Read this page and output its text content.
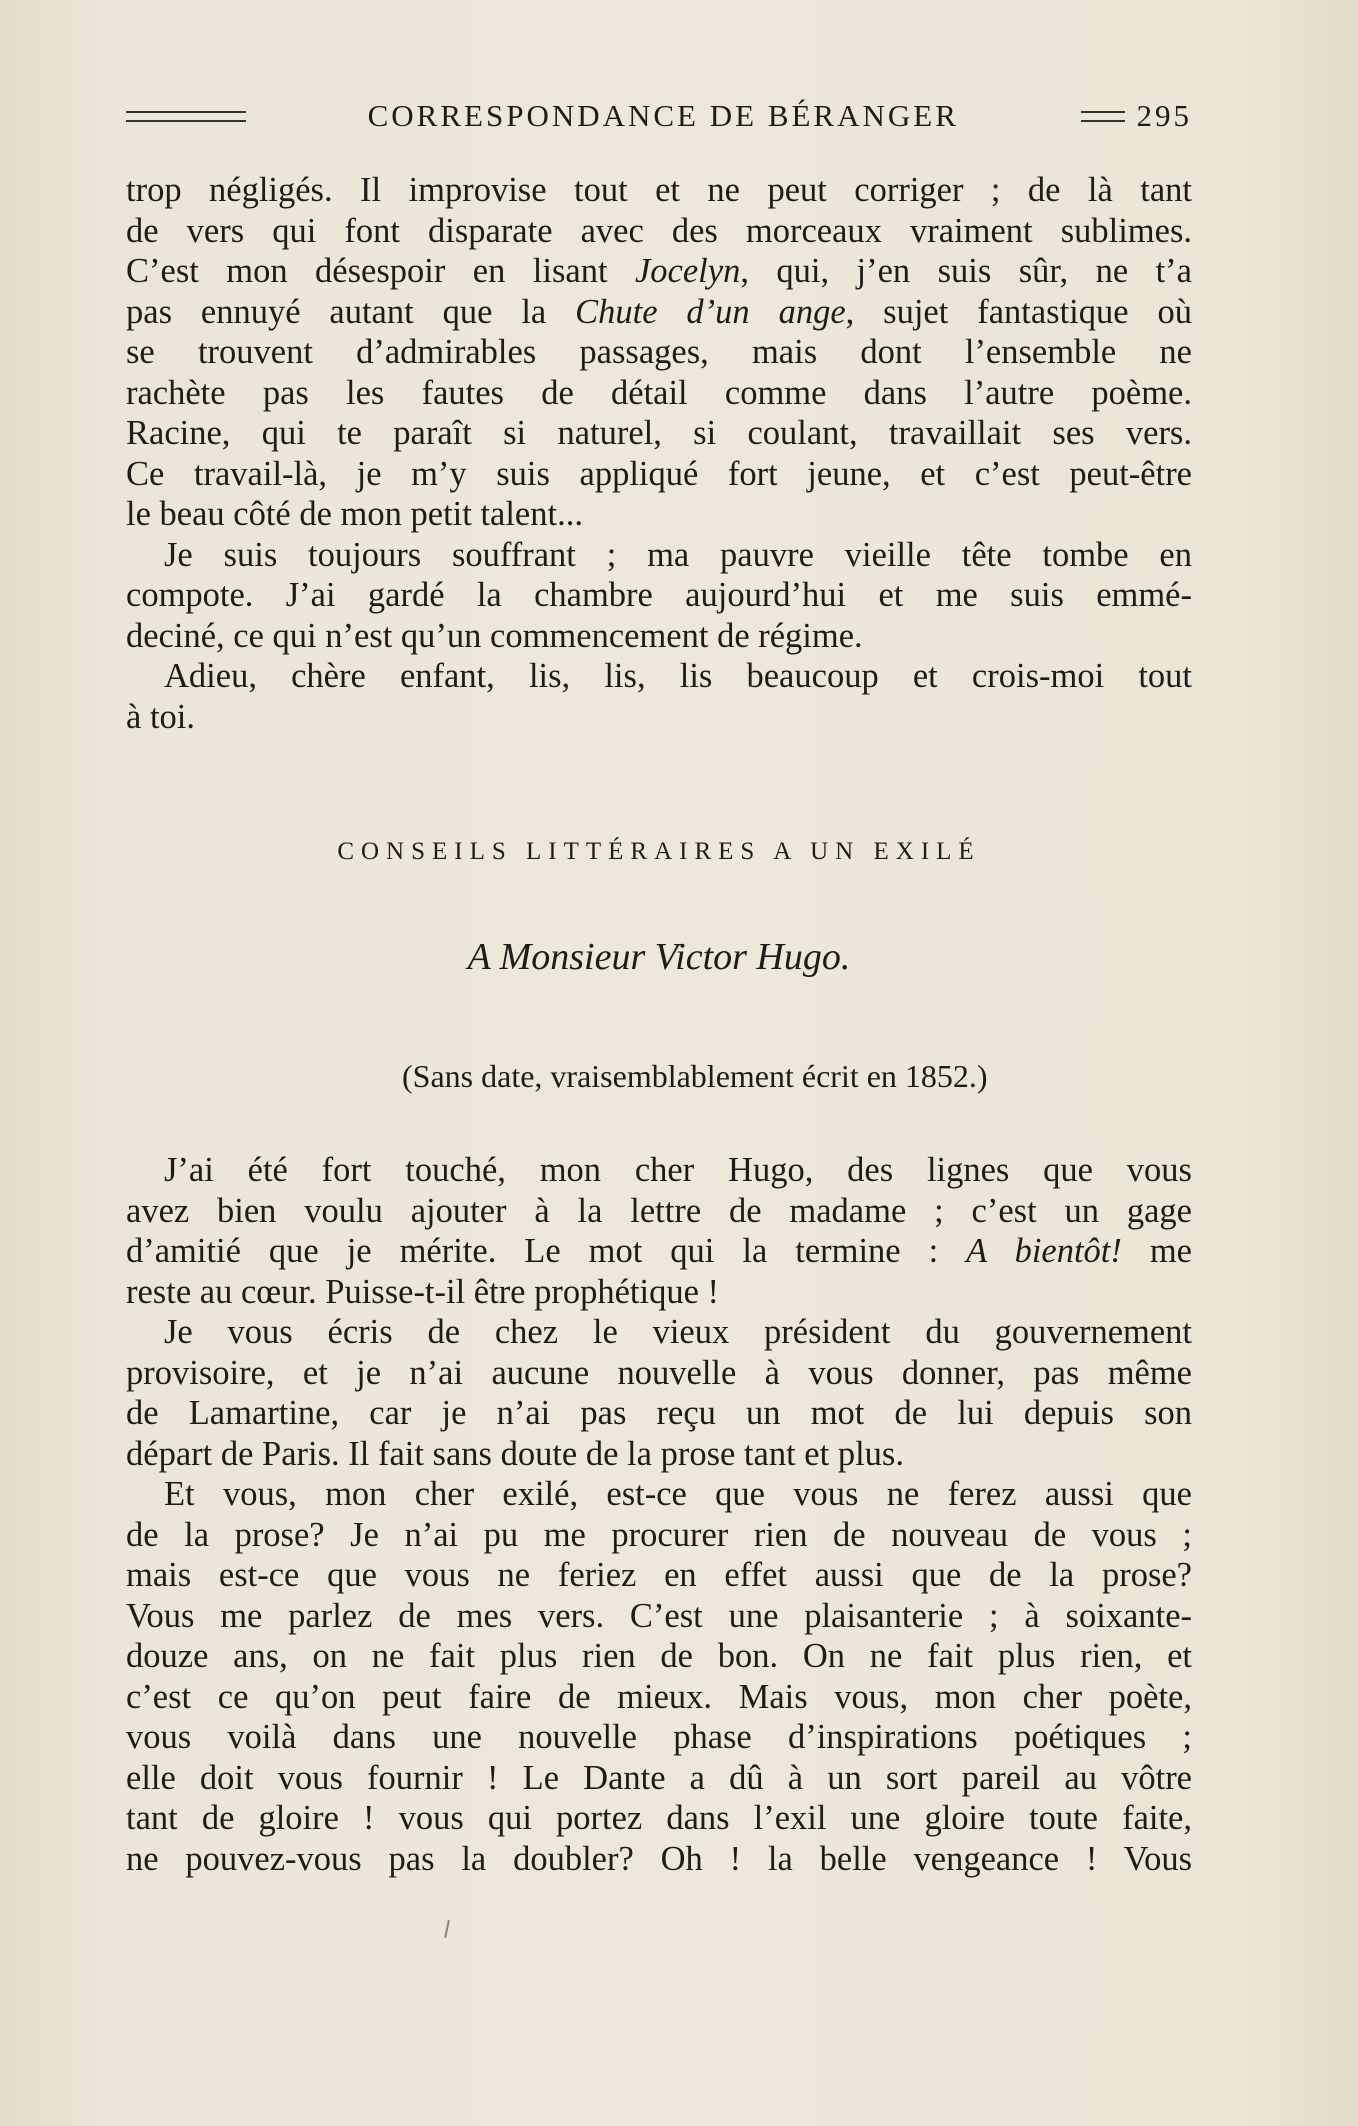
CORRESPONDANCE DE BÉRANGER	295
trop négligés. Il improvise tout et ne peut corriger ; de là tant
de vers qui font disparate avec des morceaux vraiment sublimes.
C’est mon désespoir en lisant Jocelyn, qui, j’en suis sûr, ne t’a
pas ennuyé autant que la Chute d’un ange, sujet fantastique où
se trouvent d’admirables passages, mais dont l’ensemble ne
rachète pas les fautes de détail comme dans l’autre poème.
Racine, qui te paraît si naturel, si coulant, travaillait ses vers.
Ce travail-là, je m’y suis appliqué fort jeune, et c’est peut-être
le beau côté de mon petit talent...
Je suis toujours souffrant ; ma pauvre vieille tête tombe en
compote. J’ai gardé la chambre aujourd’hui et me suis emmé-
deciné, ce qui n’est qu’un commencement de régime.
Adieu, chère enfant, lis, lis, lis beaucoup et crois-moi tout
à toi.
CONSEILS LITTÉRAIRES A UN EXILÉ
A Monsieur Victor Hugo.
(Sans date, vraisemblablement écrit en 1852.)
J’ai été fort touché, mon cher Hugo, des lignes que vous
avez bien voulu ajouter à la lettre de madame ; c’est un gage
d’amitié que je mérite. Le mot qui la termine : A bientôt! me
reste au cœur. Puisse-t-il être prophétique !
Je vous écris de chez le vieux président du gouvernement
provisoire, et je n’ai aucune nouvelle à vous donner, pas même
de Lamartine, car je n’ai pas reçu un mot de lui depuis son
départ de Paris. Il fait sans doute de la prose tant et plus.
Et vous, mon cher exilé, est-ce que vous ne ferez aussi que
de la prose? Je n’ai pu me procurer rien de nouveau de vous ;
mais est-ce que vous ne feriez en effet aussi que de la prose?
Vous me parlez de mes vers. C’est une plaisanterie ; à soixante-
douze ans, on ne fait plus rien de bon. On ne fait plus rien, et
c’est ce qu’on peut faire de mieux. Mais vous, mon cher poète,
vous voilà dans une nouvelle phase d’inspirations poétiques ;
elle doit vous fournir ! Le Dante a dû à un sort pareil au vôtre
tant de gloire ! vous qui portez dans l’exil une gloire toute faite,
ne pouvez-vous pas la doubler? Oh ! la belle vengeance ! Vous
